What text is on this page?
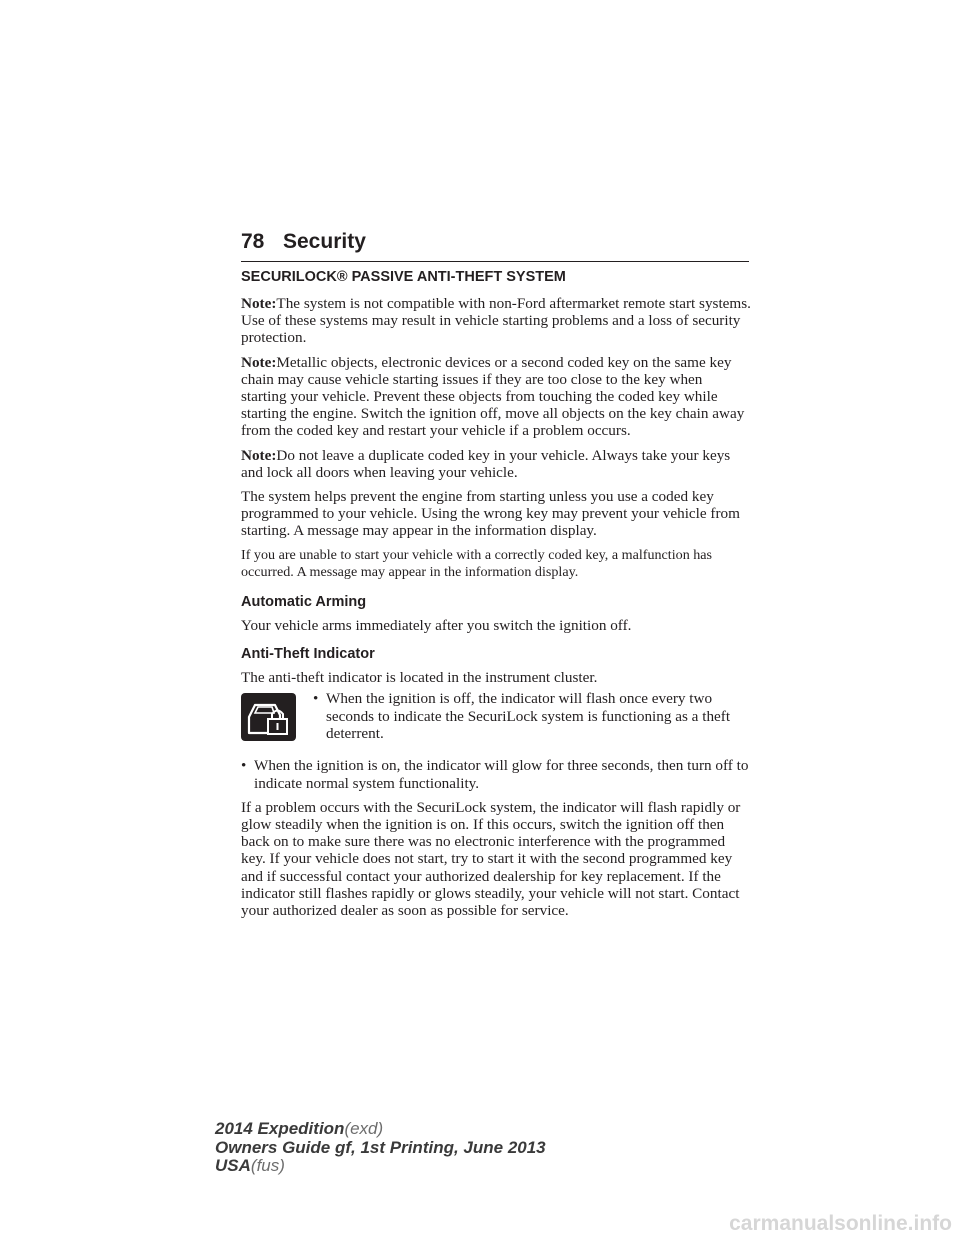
78 Security
SECURILOCK® PASSIVE ANTI-THEFT SYSTEM

Note:The system is not compatible with non-Ford aftermarket remote start systems. Use of these systems may result in vehicle starting problems and a loss of security protection.

Note:Metallic objects, electronic devices or a second coded key on the same key chain may cause vehicle starting issues if they are too close to the key when starting your vehicle. Prevent these objects from touching the coded key while starting the engine. Switch the ignition off, move all objects on the key chain away from the coded key and restart your vehicle if a problem occurs.

Note:Do not leave a duplicate coded key in your vehicle. Always take your keys and lock all doors when leaving your vehicle.

The system helps prevent the engine from starting unless you use a coded key programmed to your vehicle. Using the wrong key may prevent your vehicle from starting. A message may appear in the information display.

If you are unable to start your vehicle with a correctly coded key, a malfunction has occurred. A message may appear in the information display.

Automatic Arming

Your vehicle arms immediately after you switch the ignition off.

Anti-Theft Indicator

The anti-theft indicator is located in the instrument cluster.

• When the ignition is off, the indicator will flash once every two seconds to indicate the SecuriLock system is functioning as a theft deterrent.

• When the ignition is on, the indicator will glow for three seconds, then turn off to indicate normal system functionality.

If a problem occurs with the SecuriLock system, the indicator will flash rapidly or glow steadily when the ignition is on. If this occurs, switch the ignition off then back on to make sure there was no electronic interference with the programmed key. If your vehicle does not start, try to start it with the second programmed key and if successful contact your authorized dealership for key replacement. If the indicator still flashes rapidly or glows steadily, your vehicle will not start. Contact your authorized dealer as soon as possible for service.

2014 Expedition(exd)
Owners Guide gf, 1st Printing, June 2013
USA(fus)
carmanualsonline.info
